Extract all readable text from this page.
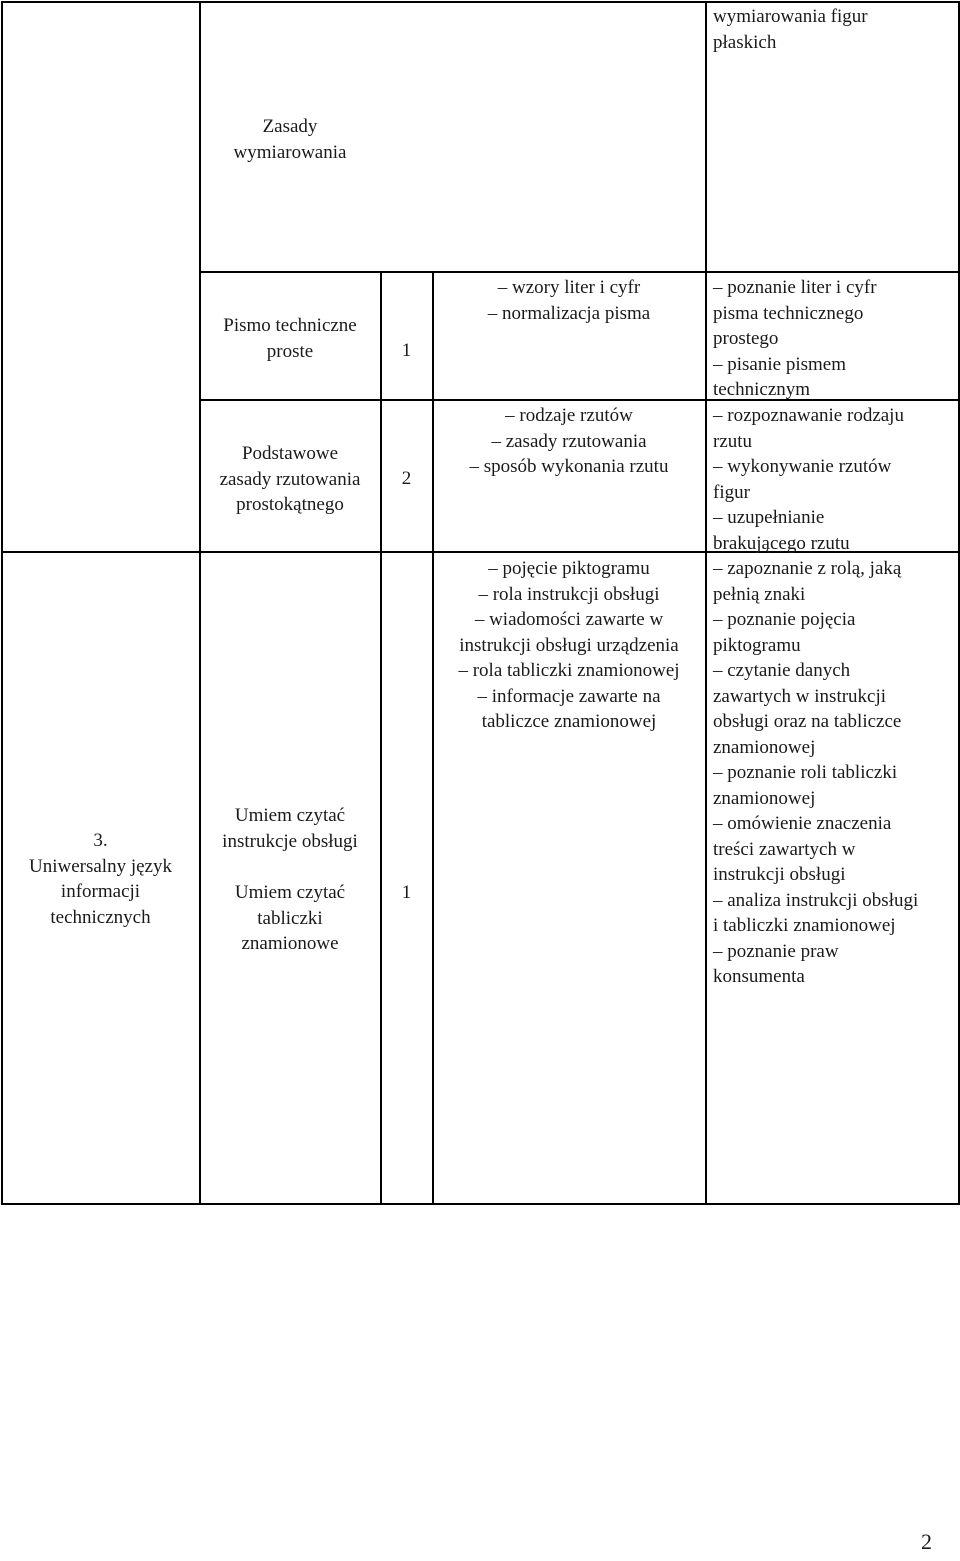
Zasady
wymiarowania
wymiarowania figur
płaskich
3.
Uniwersalny język
informacji
technicznych
Pismo techniczne
proste	1
– wzory liter i cyfr
– normalizacja pisma
– poznanie liter i cyfr
pisma technicznego
prostego
– pisanie pismem
technicznym
Podstawowe
zasady rzutowania
prostokątnego
2
– rodzaje rzutów
– zasady rzutowania
– sposób wykonania rzutu
– rozpoznawanie rodzaju
rzutu
– wykonywanie rzutów
figur
– uzupełnianie
brakującego rzutu
Umiem czytać
instrukcje obsługi
Umiem czytać
tabliczki
znamionowe
1
– pojęcie piktogramu
– rola instrukcji obsługi
– wiadomości zawarte w
instrukcji obsługi urządzenia
– rola tabliczki znamionowej
– informacje zawarte na
tabliczce znamionowej
– zapoznanie z rolą, jaką
pełnią znaki
– poznanie pojęcia
piktogramu
– czytanie danych
zawartych w instrukcji
obsługi oraz na tabliczce
znamionowej
– poznanie roli tabliczki
znamionowej
– omówienie znaczenia
treści zawartych w
instrukcji obsługi
– analiza instrukcji obsługi
i tabliczki znamionowej
– poznanie praw
konsumenta
2
